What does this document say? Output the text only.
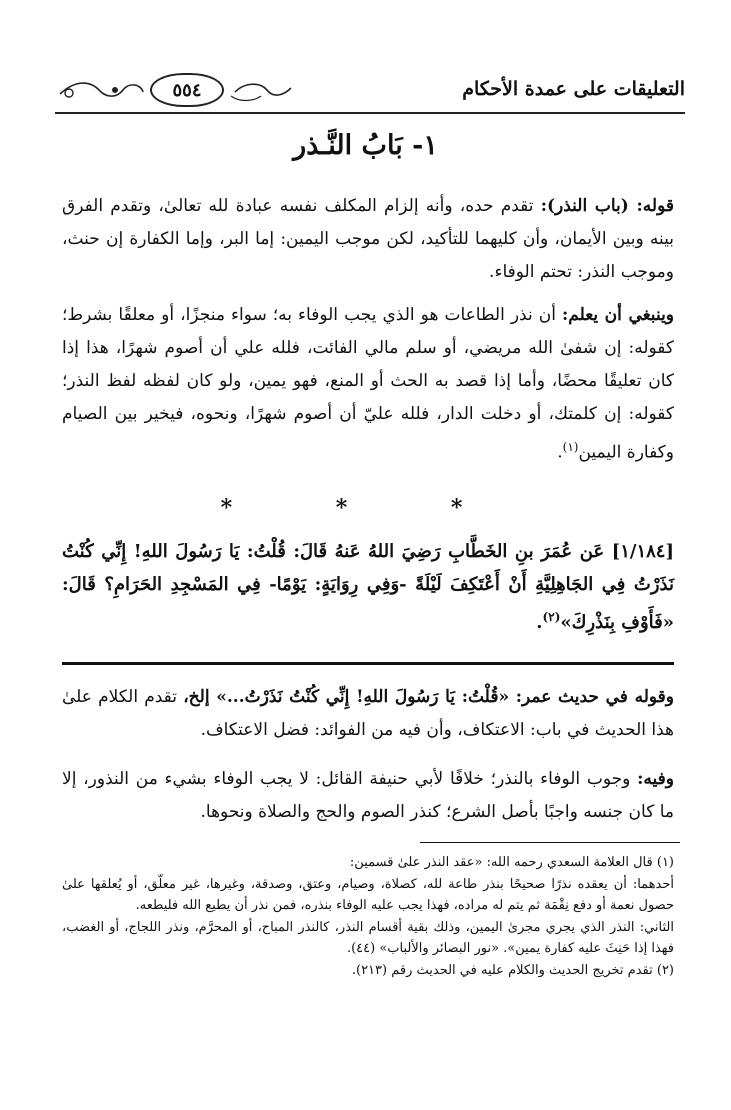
٥٥٤	التعليقات على عمدة الأحكام
١- بَابُ النَّـذر
قوله: (باب النذر): تقدم حده، وأنه إلزام المكلف نفسه عبادة لله تعالىٰ، وتقدم الفرق بينه وبين الأيمان، وأن كليهما للتأكيد، لكن موجب اليمين: إما البر، وإما الكفارة إن حنث، وموجب النذر: تحتم الوفاء.
وينبغي أن يعلم: أن نذر الطاعات هو الذي يجب الوفاء به؛ سواء منجزًا، أو معلقًا بشرط؛ كقوله: إن شفىٰ الله مريضي، أو سلم مالي الفائت، فلله علي أن أصوم شهرًا، هذا إذا كان تعليقًا محضًا، وأما إذا قصد به الحث أو المنع، فهو يمين، ولو كان لفظه لفظ النذر؛ كقوله: إن كلمتك، أو دخلت الدار، فلله عليّ أن أصوم شهرًا، ونحوه، فيخير بين الصيام وكفارة اليمين$^{(١)}$.
* * *
[١/١٨٤] عَن عُمَرَ بنِ الخَطَّابِ رَضِيَ اللهُ عَنهُ قَالَ: قُلْتُ: يَا رَسُولَ اللهِ! إِنِّي كُنْتُ نَذَرْتُ فِي الجَاهِلِيَّةِ أَنْ أَعْتَكِفَ لَيْلَةً -وَفِي رِوَايَةٍ: يَوْمًا- فِي المَسْجِدِ الحَرَامِ؟ قَالَ: «فَأَوْفِ بِنَذْرِكَ»$^{(٢)}$.
وقوله في حديث عمر: «قُلْتُ: يَا رَسُولَ اللهِ! إِنِّي كُنْتُ نَذَرْتُ...» إلخ، تقدم الكلام علىٰ هذا الحديث في باب: الاعتكاف، وأن فيه من الفوائد: فضل الاعتكاف.
وفيه: وجوب الوفاء بالنذر؛ خلافًا لأبي حنيفة القائل: لا يجب الوفاء بشيء من النذور، إلا ما كان جنسه واجبًا بأصل الشرع؛ كنذر الصوم والحج والصلاة ونحوها.

(١) قال العلامة السعدي رحمه الله: «عقد النذر علىٰ قسمين:

أحدهما: أن يعقده نذرًا صحيحًا بنذر طاعة لله، كصلاة، وصيام، وعتق، وصدقة، وغيرها، غير معلّق، أو يُعلقها علىٰ حصول نعمة أو دفع نِقْمَة ثم يتم له مراده، فهذا يجب عليه الوفاء بنذره، فمن نذر أن يطيع الله فليطعه.

الثاني: النذر الذي يجري مجرىٰ اليمين، وذلك بقية أقسام النذر، كالنذر المباح، أو المحرَّم، ونذر اللجاج، أو الغضب، فهذا إذا حَنِثَ عليه كفارة يمين». «نور البصائر والألباب» (٤٤).

(٢) تقدم تخريج الحديث والكلام عليه في الحديث رقم (٢١٣).
